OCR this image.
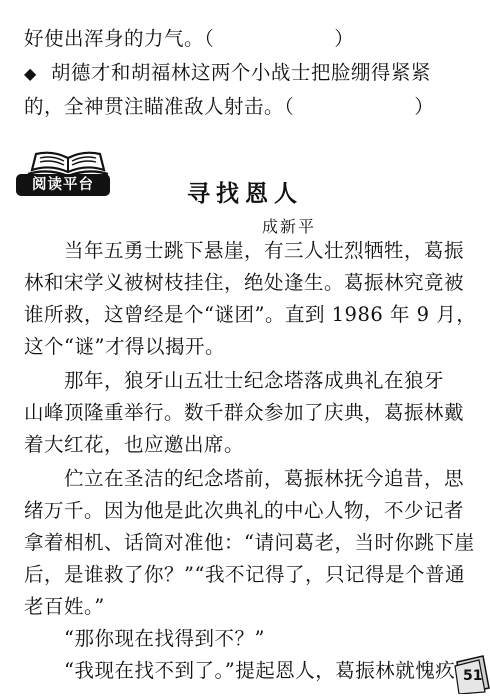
好使出浑身的力气。（　　　　　　）
◆ 胡德才和胡福林这两个小战士把脸绷得紧紧
的，全神贯注瞄准敌人射击。（　　　　　　）
阅读平台	寻找恩人
成新平
　　当年五勇士跳下悬崖，有三人壮烈牺牲，葛振
林和宋学义被树枝挂住，绝处逢生。葛振林究竟被
谁所救，这曾经是个“谜团”。直到 1986 年 9 月，
这个“谜”才得以揭开。
　　那年，狼牙山五壮士纪念塔落成典礼在狼牙
山峰顶隆重举行。数千群众参加了庆典，葛振林戴
着大红花，也应邀出席。
　　伫立在圣洁的纪念塔前，葛振林抚今追昔，思
绪万千。因为他是此次典礼的中心人物，不少记者
拿着相机、话筒对准他：“请问葛老，当时你跳下崖
后，是谁救了你？”“我不记得了，只记得是个普通
老百姓。”
　　“那你现在找得到不？”
　　“我现在找不到了。”提起恩人，葛振林就愧疚 51
